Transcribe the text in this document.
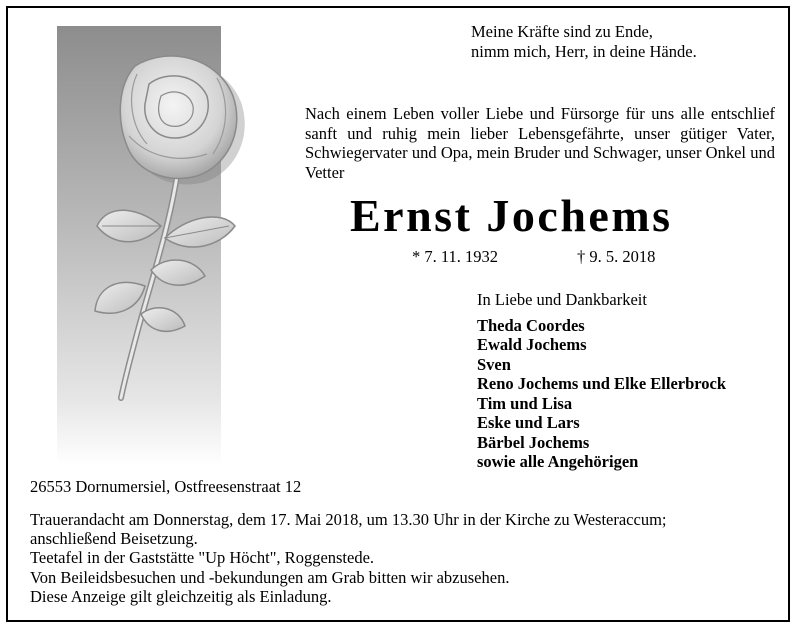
Meine Kräfte sind zu Ende,
nimm mich, Herr, in deine Hände.
Nach einem Leben voller Liebe und Fürsorge für uns alle entschlief sanft und ruhig mein lieber Lebensgefährte, unser gütiger Vater, Schwiegervater und Opa, mein Bruder und Schwager, unser Onkel und Vetter
Ernst Jochems
* 7. 11. 1932	† 9. 5. 2018
In Liebe und Dankbarkeit
Theda Coordes
Ewald Jochems
Sven
Reno Jochems und Elke Ellerbrock
Tim und Lisa
Eske und Lars
Bärbel Jochems
sowie alle Angehörigen
26553 Dornumersiel, Ostfreesenstraat 12
Trauerandacht am Donnerstag, dem 17. Mai 2018, um 13.30 Uhr in der Kirche zu Westeraccum;
anschließend Beisetzung.
Teetafel in der Gaststätte "Up Höcht", Roggenstede.
Von Beileidsbesuchen und -bekundungen am Grab bitten wir abzusehen.
Diese Anzeige gilt gleichzeitig als Einladung.
